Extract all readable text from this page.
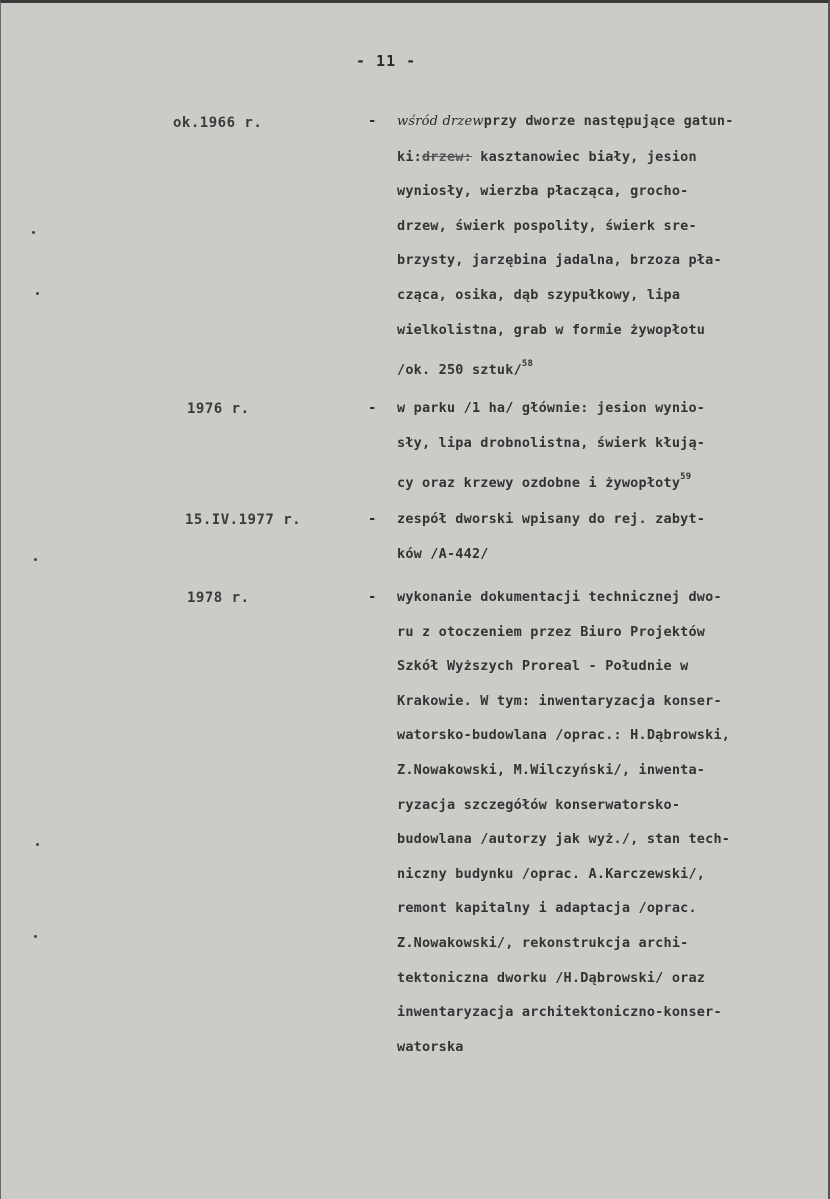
- 11 -
ok.1966 r.	- wśród drzewprzy dworze następujące gatun-
ki:drzew: kasztanowiec biały, jesion
wyniosły, wierzba płacząca, grocho-
drzew, świerk pospolity, świerk sre-
brzysty, jarzębina jadalna, brzoza pła-
cząca, osika, dąb szypułkowy, lipa
wielkolistna, grab w formie żywopłotu
/ok. 250 sztuk/$^{58}$
1976 r.	- w parku /1 ha/ głównie: jesion wynio-
sły, lipa drobnolistna, świerk kłują-
cy oraz krzewy ozdobne i żywopłoty$^{59}$
15.IV.1977 r.	- zespół dworski wpisany do rej. zabyt-
ków /A-442/
1978 r.	- wykonanie dokumentacji technicznej dwo-
ru z otoczeniem przez Biuro Projektów
Szkół Wyższych Proreal - Południe w
Krakowie. W tym: inwentaryzacja konser-
watorsko-budowlana /oprac.: H.Dąbrowski,
Z.Nowakowski, M.Wilczyński/, inwenta-
ryzacja szczegółów konserwatorsko-
budowlana /autorzy jak wyż./, stan tech-
niczny budynku /oprac. A.Karczewski/,
remont kapitalny i adaptacja /oprac.
Z.Nowakowski/, rekonstrukcja archi-
tektoniczna dworku /H.Dąbrowski/ oraz
inwentaryzacja architektoniczno-konser-
watorska
